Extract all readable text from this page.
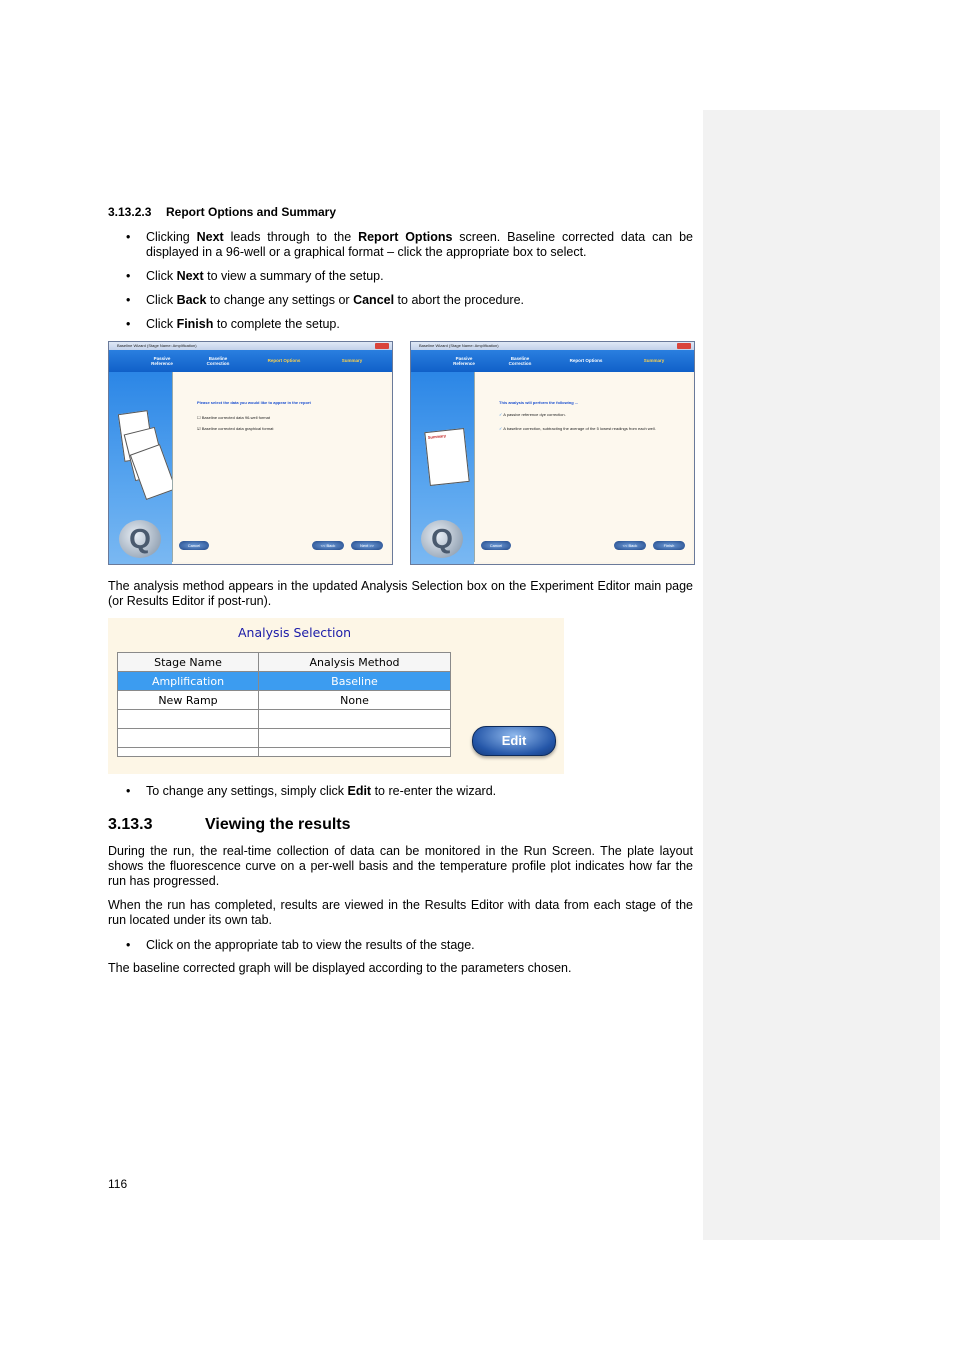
3.13.2.3 Report Options and Summary
• Clicking Next leads through to the Report Options screen. Baseline corrected data can be displayed in a 96-well or a graphical format – click the appropriate box to select.
• Click Next to view a summary of the setup.
• Click Back to change any settings or Cancel to abort the procedure.
• Click Finish to complete the setup.
Baseline Wizard (Stage Name: Amplification)
Passive Reference
Baseline Correction
Report Options	Summary
Q
Please select the data you would like to appear in the report
☐ Baseline corrected data 96-well format
☑ Baseline corrected data graphical format
Cancel	<< Back	Next >>
Baseline Wizard (Stage Name: Amplification)
Passive Reference
Baseline Correction
Report Options	Summary
Summary
Q
This analysis will perform the following ...
✓ A passive reference dye correction.
✓ A baseline correction, subtracting the average of the 5 lowest readings from each well.
Cancel	<< Back	Finish

The analysis method appears in the updated Analysis Selection box on the Experiment Editor main page (or Results Editor if post-run).

Analysis Selection
Stage Name	Analysis Method
Amplification	Baseline
New Ramp	None

Edit
• To change any settings, simply click Edit to re-enter the wizard.
3.13.3	Viewing the results

During the run, the real-time collection of data can be monitored in the Run Screen. The plate layout shows the fluorescence curve on a per-well basis and the temperature profile plot indicates how far the run has progressed.

When the run has completed, results are viewed in the Results Editor with data from each stage of the run located under its own tab.

• Click on the appropriate tab to view the results of the stage.

The baseline corrected graph will be displayed according to the parameters chosen.

116
